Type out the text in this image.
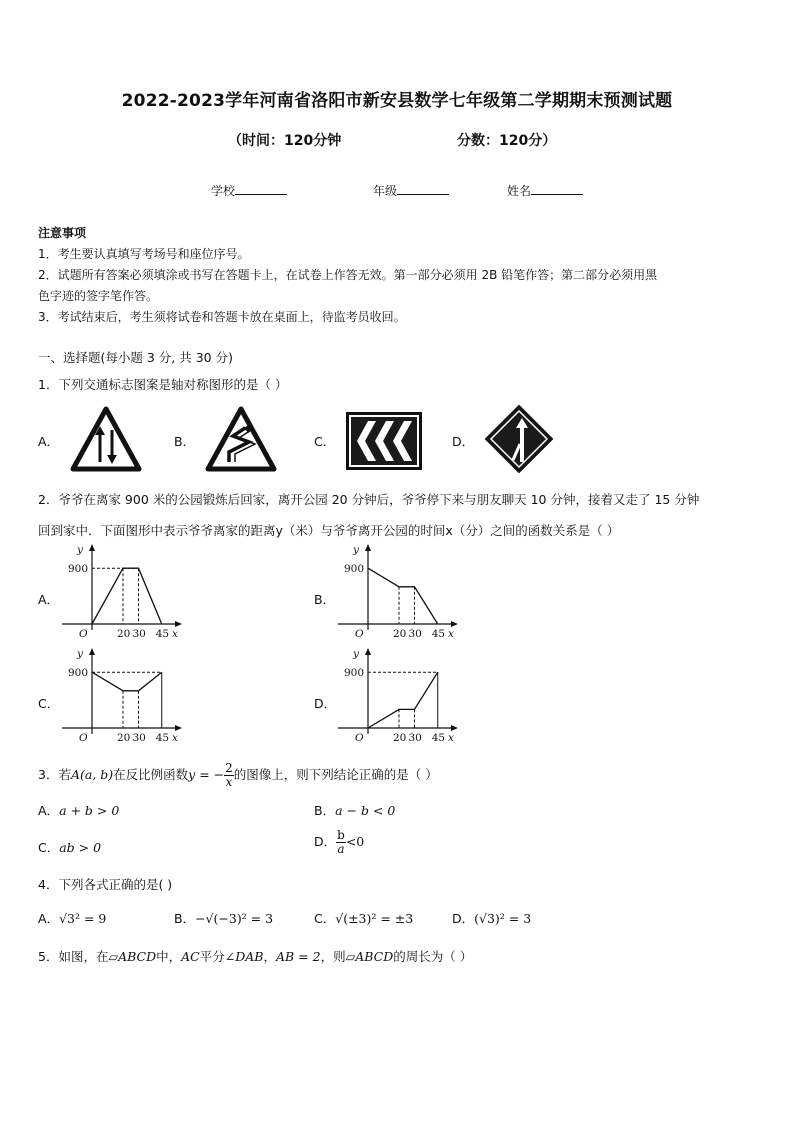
2022-2023学年河南省洛阳市新安县数学七年级第二学期期末预测试题
（时间：120分钟	分数：120分）
学校	年级	姓名
注意事项
1．考生要认真填写考场号和座位序号。
2．试题所有答案必须填涂或书写在答题卡上，在试卷上作答无效。第一部分必须用 2B 铅笔作答；第二部分必须用黑
色字迹的签字笔作答。
3．考试结束后，考生须将试卷和答题卡放在桌面上，待监考员收回。
一、选择题(每小题 3 分, 共 30 分)
1．下列交通标志图案是轴对称图形的是（ ）
A．	B．	C．	D．
2．爷爷在离家 900 米的公园锻炼后回家，离开公园 20 分钟后，爷爷停下来与朋友聊天 10 分钟，接着又走了 15 分钟
回到家中．下面图形中表示爷爷离家的距离y（米）与爷爷离开公园的时间x（分）之间的函数关系是（ ）
A．	B．
C．	D．
y
x
O
900
20 30 45
y
x
O
900
20 30 45
y
x
O
900
20 30 45
y
x
O
900
20 30 45
3．若A(a, b)在反比例函数y = − $\frac{2}{x}$ 的图像上，则下列结论正确的是（ ）
A．a + b > 0	B．a − b < 0
C．ab > 0	D． $\frac{b}{a} <0$
4．下列各式正确的是( )
A．√3² = 9	B．−√(−3)² = 3	C．√(±3)² = ±3	D．(√3)² = 3
5．如图，在▱ABCD中，AC平分∠DAB，AB = 2，则▱ABCD的周长为（ ）
